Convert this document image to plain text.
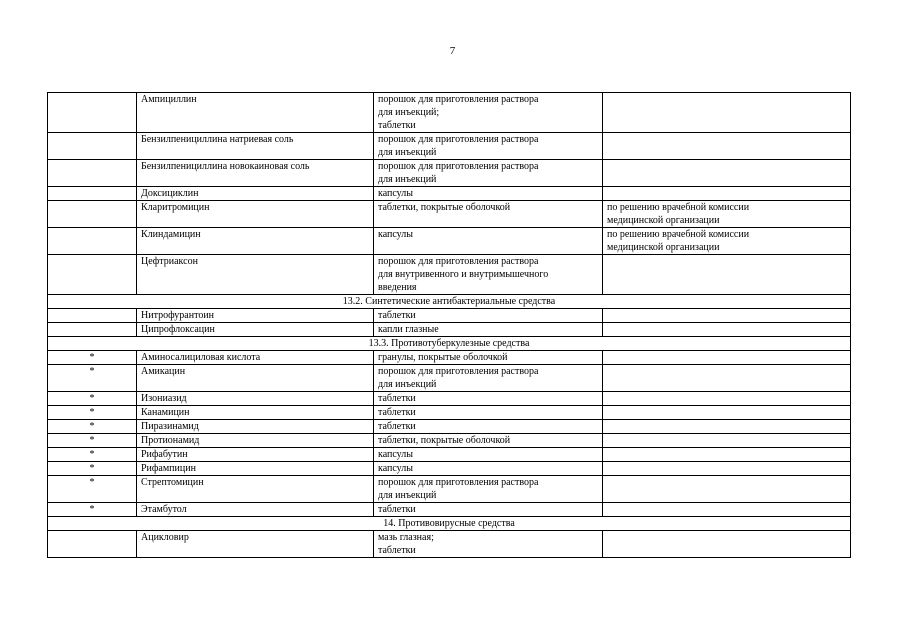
7
	Ампициллин	порошок для приготовления раствора
для инъекций;
таблетки	
	Бензилпенициллина натриевая соль	порошок для приготовления раствора
для инъекций	
	Бензилпенициллина новокаиновая соль	порошок для приготовления раствора
для инъекций	
	Доксициклин	капсулы	
	Кларитромицин	таблетки, покрытые оболочкой	по решению врачебной комиссии
медицинской организации
	Клиндамицин	капсулы	по решению врачебной комиссии
медицинской организации
	Цефтриаксон	порошок для приготовления раствора
для внутривенного и внутримышечного
введения	
13.2. Синтетические антибактериальные средства			
	Нитрофурантоин	таблетки	
	Ципрофлоксацин	капли глазные	
13.3. Противотуберкулезные средства			
*	Аминосалициловая кислота	гранулы, покрытые оболочкой	
*	Амикацин	порошок для приготовления раствора
для инъекций	
*	Изониазид	таблетки	
*	Канамицин	таблетки	
*	Пиразинамид	таблетки	
*	Протионамид	таблетки, покрытые оболочкой	
*	Рифабутин	капсулы	
*	Рифампицин	капсулы	
*	Стрептомицин	порошок для приготовления раствора
для инъекций	
*	Этамбутол	таблетки	
14. Противовирусные средства			
	Ацикловир	мазь глазная;
таблетки	
